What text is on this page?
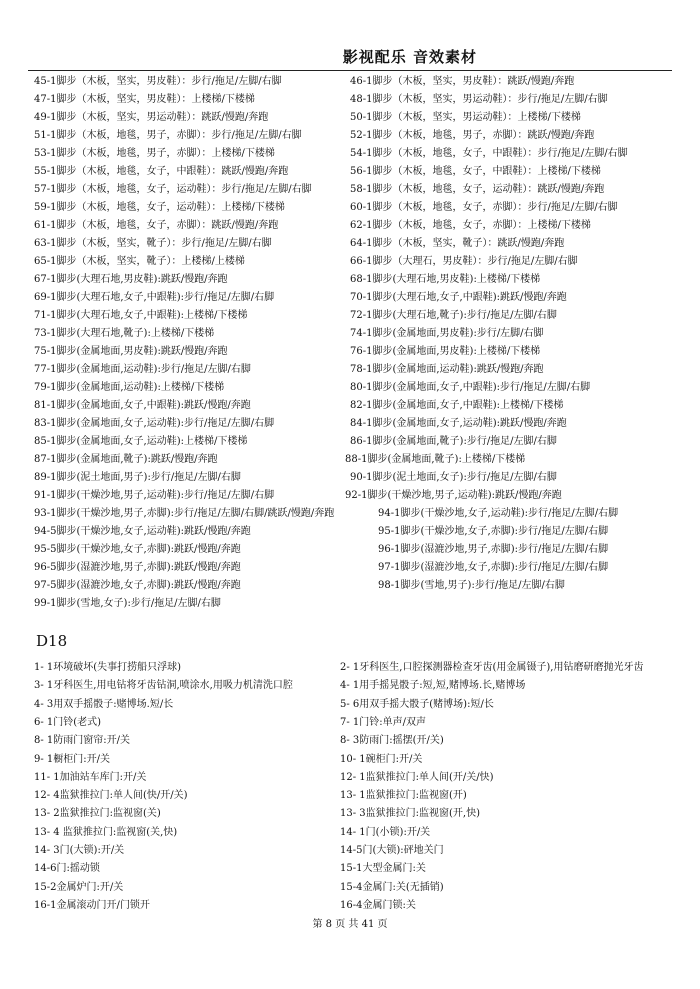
影视配乐 音效素材
45-1脚步（木板，坚实，男皮鞋）：步行/拖足/左脚/右脚	46-1脚步（木板，坚实，男皮鞋）：跳跃/慢跑/奔跑
47-1脚步（木板，坚实，男皮鞋）：上楼梯/下楼梯	48-1脚步（木板，坚实，男运动鞋）：步行/拖足/左脚/右脚
49-1脚步（木板，坚实，男运动鞋）：跳跃/慢跑/奔跑	50-1脚步（木板，坚实，男运动鞋）：上楼梯/下楼梯
51-1脚步（木板，地毯，男子，赤脚）：步行/拖足/左脚/右脚	52-1脚步（木板，地毯，男子，赤脚）：跳跃/慢跑/奔跑
53-1脚步（木板，地毯，男子，赤脚）：上楼梯/下楼梯	54-1脚步（木板，地毯，女子，中跟鞋）：步行/拖足/左脚/右脚
55-1脚步（木板，地毯，女子，中跟鞋）：跳跃/慢跑/奔跑	56-1脚步（木板，地毯，女子，中跟鞋）：上楼梯/下楼梯
57-1脚步（木板，地毯，女子，运动鞋）：步行/拖足/左脚/右脚	58-1脚步（木板，地毯，女子，运动鞋）：跳跃/慢跑/奔跑
59-1脚步（木板，地毯，女子，运动鞋）：上楼梯/下楼梯	60-1脚步（木板，地毯，女子，赤脚）：步行/拖足/左脚/右脚
61-1脚步（木板，地毯，女子，赤脚）：跳跃/慢跑/奔跑	62-1脚步（木板，地毯，女子，赤脚）：上楼梯/下楼梯
63-1脚步（木板，坚实，靴子）：步行/拖足/左脚/右脚	64-1脚步（木板，坚实，靴子）：跳跃/慢跑/奔跑
65-1脚步（木板，坚实，靴子）：上楼梯/上楼梯	66-1脚步（大理石，男皮鞋）：步行/拖足/左脚/右脚
67-1脚步(大理石地,男皮鞋):跳跃/慢跑/奔跑	68-1脚步(大理石地,男皮鞋):上楼梯/下楼梯
69-1脚步(大理石地,女子,中跟鞋):步行/拖足/左脚/右脚	70-1脚步(大理石地,女子,中跟鞋):跳跃/慢跑/奔跑
71-1脚步(大理石地,女子,中跟鞋):上楼梯/下楼梯	72-1脚步(大理石地,靴子):步行/拖足/左脚/右脚
73-1脚步(大理石地,靴子):上楼梯/下楼梯	74-1脚步(金属地面,男皮鞋):步行/左脚/右脚
75-1脚步(金属地面,男皮鞋):跳跃/慢跑/奔跑	76-1脚步(金属地面,男皮鞋):上楼梯/下楼梯
77-1脚步(金属地面,运动鞋):步行/拖足/左脚/右脚	78-1脚步(金属地面,运动鞋):跳跃/慢跑/奔跑
79-1脚步(金属地面,运动鞋):上楼梯/下楼梯	80-1脚步(金属地面,女子,中跟鞋):步行/拖足/左脚/右脚
81-1脚步(金属地面,女子,中跟鞋):跳跃/慢跑/奔跑	82-1脚步(金属地面,女子,中跟鞋):上楼梯/下楼梯
83-1脚步(金属地面,女子,运动鞋):步行/拖足/左脚/右脚	84-1脚步(金属地面,女子,运动鞋):跳跃/慢跑/奔跑
85-1脚步(金属地面,女子,运动鞋):上楼梯/下楼梯	86-1脚步(金属地面,靴子):步行/拖足/左脚/右脚
87-1脚步(金属地面,靴子):跳跃/慢跑/奔跑	88-1脚步(金属地面,靴子):上楼梯/下楼梯
89-1脚步(泥土地面,男子):步行/拖足/左脚/右脚	90-1脚步(泥土地面,女子):步行/拖足/左脚/右脚
91-1脚步(干燥沙地,男子,运动鞋):步行/拖足/左脚/右脚	92-1脚步(干燥沙地,男子,运动鞋):跳跃/慢跑/奔跑
93-1脚步(干燥沙地,男子,赤脚):步行/拖足/左脚/右脚/跳跃/慢跑/奔跑	94-1脚步(干燥沙地,女子,运动鞋):步行/拖足/左脚/右脚
94-5脚步(干燥沙地,女子,运动鞋):跳跃/慢跑/奔跑	95-1脚步(干燥沙地,女子,赤脚):步行/拖足/左脚/右脚
95-5脚步(干燥沙地,女子,赤脚):跳跃/慢跑/奔跑	96-1脚步(湿漉沙地,男子,赤脚):步行/拖足/左脚/右脚
96-5脚步(湿漉沙地,男子,赤脚):跳跃/慢跑/奔跑	97-1脚步(湿漉沙地,女子,赤脚):步行/拖足/左脚/右脚
97-5脚步(湿漉沙地,女子,赤脚):跳跃/慢跑/奔跑	98-1脚步(雪地,男子):步行/拖足/左脚/右脚
99-1脚步(雪地,女子):步行/拖足/左脚/右脚
D18
1- 1环境破坏(失事打捞船只浮球)	2- 1牙科医生,口腔探测器检查牙齿(用金属镊子),用钻磨研磨抛光牙齿
3- 1牙科医生,用电钻将牙齿钻洞,喷涂水,用吸力机清洗口腔	4- 1用手摇晃骰子:短,短,赌博场.长,赌博场
4- 3用双手摇骰子:赌博场.短/长	5- 6用双手摇大骰子(赌博场):短/长
6- 1门铃(老式)	7- 1门铃:单声/双声
8- 1防雨门窗帘:开/关	8- 3防雨门:摇摆(开/关)
9- 1橱柜门:开/关	10- 1碗柜门:开/关
11- 1加油站车库门:开/关	12- 1监狱推拉门:单人间(开/关/快)
12- 4监狱推拉门:单人间(快/开/关)	13- 1监狱推拉门:监视窗(开)
13- 2监狱推拉门:监视窗(关)	13- 3监狱推拉门:监视窗(开,快)
13- 4 监狱推拉门:监视窗(关,快)	14- 1门(小锁):开/关
14- 3门(大锁):开/关	14-5门(大锁):砰地关门
14-6门:摇动锁	15-1大型金属门:关
15-2金属炉门:开/关	15-4金属门:关(无插销)
16-1金属滚动门开/门锁开	16-4金属门锁:关
第 8 页 共 41 页
